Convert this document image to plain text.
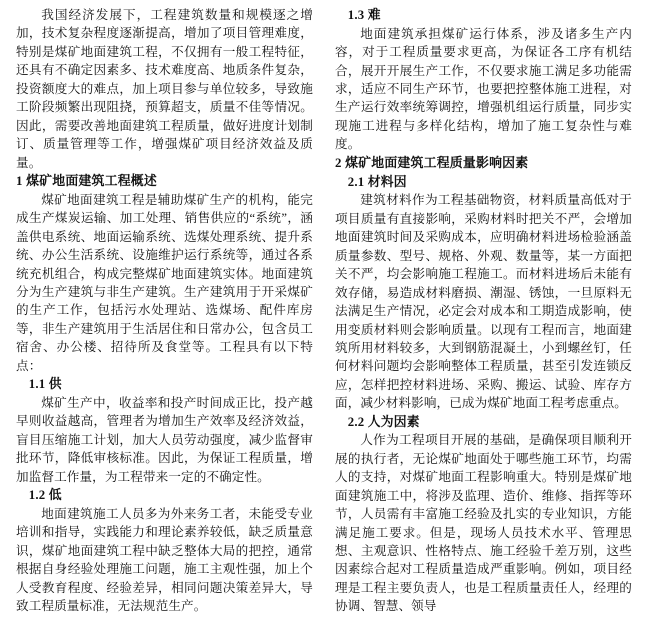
我国经济发展下，工程建筑数量和规模逐之增加，技术复杂程度逐渐提高，增加了项目管理难度，特别是煤矿地面建筑工程，不仅拥有一般工程特征，还具有不确定因素多、技术难度高、地质条件复杂，投资额度大的难点，加上项目参与单位较多，导致施工阶段频繁出现阻挠，预算超支，质量不佳等情况。因此，需要改善地面建筑工程质量，做好进度计划制订、质量管理等工作，增强煤矿项目经济效益及质量。

1 煤矿地面建筑工程概述

煤矿地面建筑工程是辅助煤矿生产的机构，能完成生产煤炭运输、加工处理、销售供应的“系统”，涵盖供电系统、地面运输系统、选煤处理系统、提升系统、办公生活系统、设施维护运行系统等，通过各系统充机组合，构成完整煤矿地面建筑实体。地面建筑分为生产建筑与非生产建筑。生产建筑用于开采煤矿的生产工作，包括污水处理站、选煤场、配件库房等，非生产建筑用于生活居住和日常办公，包含员工宿舍、办公楼、招待所及食堂等。工程具有以下特点：

1.1 供

煤矿生产中，收益率和投产时间成正比，投产越早则收益越高，管理者为增加生产效率及经济效益，盲目压缩施工计划，加大人员劳动强度，减少监督审批环节，降低审核标准。因此，为保证工程质量，增加监督工作量，为工程带来一定的不确定性。

1.2 低

地面建筑施工人员多为外来务工者，未能受专业培训和指导，实践能力和理论素养较低，缺乏质量意识，煤矿地面建筑工程中缺乏整体大局的把控，通常根据自身经验处理施工问题，施工主观性强，加上个人受教育程度、经验差异，相同问题决策差异大，导致工程质量标准，无法规范生产。

1.3 难

地面建筑承担煤矿运行体系，涉及诸多生产内容，对于工程质量要求更高，为保证各工序有机结合，展开开展生产工作，不仅要求施工满足多功能需求，适应不同生产环节，也要把控整体施工进程，对生产运行效率统筹调控，增强机组运行质量，同步实现施工进程与多样化结构，增加了施工复杂性与难度。

2 煤矿地面建筑工程质量影响因素
2.1 材料因

建筑材料作为工程基础物资，材料质量高低对于项目质量有直接影响，采购材料时把关不严，会增加地面建筑时间及采购成本，应明确材料进场检验涵盖质量参数、型号、规格、外观、数量等，某一方面把关不严，均会影响施工程施工。而材料进场后未能有效存储，易造成材料磨损、潮湿、锈蚀，一旦原料无法满足生产情况，必定会对成本和工期造成影响，使用变质材料则会影响质量。以现有工程而言，地面建筑所用材料较多，大到钢筋混凝土，小到螺丝钉，任何材料问题均会影响整体工程质量，甚至引发连锁反应，怎样把控材料进场、采购、搬运、试验、库存方面，减少材料影响，已成为煤矿地面工程考虑重点。

2.2 人为因素

人作为工程项目开展的基础，是确保项目顺利开展的执行者，无论煤矿地面处于哪些施工环节，均需人的支持，对煤矿地面工程影响重大。特别是煤矿地面建筑施工中，将涉及监理、造价、维修、指挥等环节，人员需有丰富施工经验及扎实的专业知识，方能满足施工要求。但是，现场人员技术水平、管理思想、主观意识、性格特点、施工经验千差万别，这些因素综合起对工程质量造成严重影响。例如，项目经理是工程主要负责人，也是工程质量责任人，经理的协调、智慧、领导
